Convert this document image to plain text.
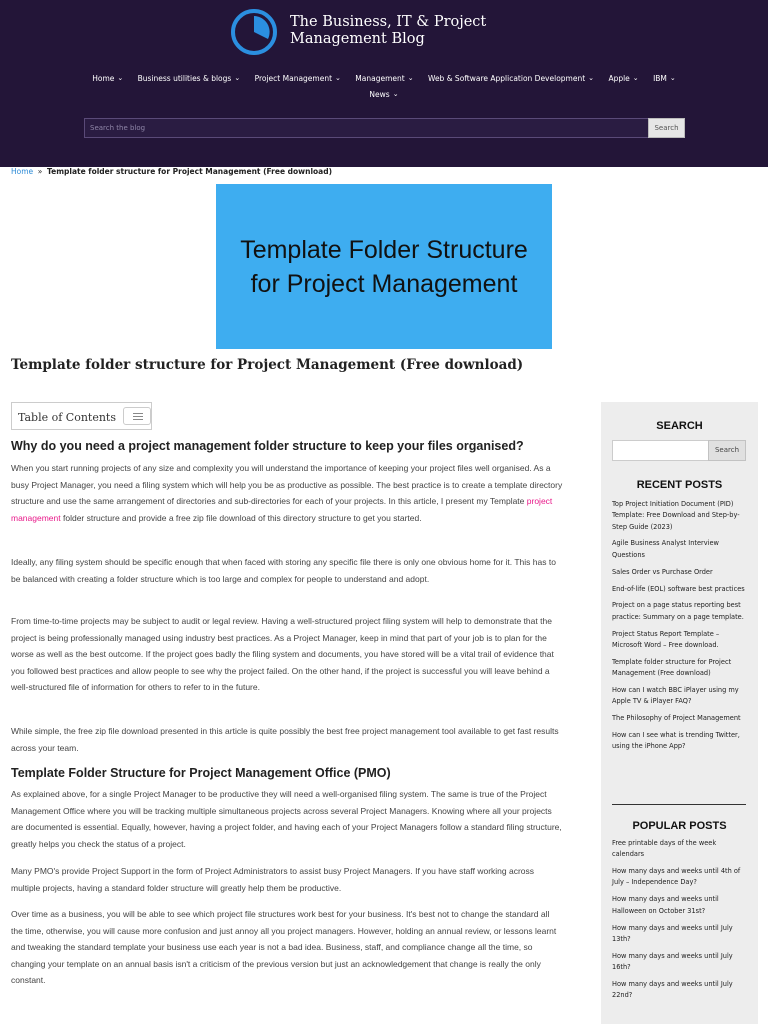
The Business, IT & Project
Management Blog
Home ⌄ Business utilities & blogs ⌄ Project Management ⌄ Management ⌄ Web & Software Application Development ⌄ Apple ⌄ IBM ⌄
News ⌄
Search the blog	Search
Home » Template folder structure for Project Management (Free download)
Template Folder Structure for Project Management
Template folder structure for Project Management (Free download)
Table of Contents
Why do you need a project management folder structure to keep your files organised?

When you start running projects of any size and complexity you will understand the importance of keeping your project files well organised. As a busy Project Manager, you need a filing system which will help you be as productive as possible. The best practice is to create a template directory structure and use the same arrangement of directories and sub-directories for each of your projects. In this article, I present my Template project management folder structure and provide a free zip file download of this directory structure to get you started.

Ideally, any filing system should be specific enough that when faced with storing any specific file there is only one obvious home for it. This has to be balanced with creating a folder structure which is too large and complex for people to understand and adopt.

From time-to-time projects may be subject to audit or legal review. Having a well-structured project filing system will help to demonstrate that the project is being professionally managed using industry best practices. As a Project Manager, keep in mind that part of your job is to plan for the worse as well as the best outcome. If the project goes badly the filing system and documents, you have stored will be a vital trail of evidence that you followed best practices and allow people to see why the project failed. On the other hand, if the project is successful you will leave behind a well-structured file of information for others to refer to in the future.

While simple, the free zip file download presented in this article is quite possibly the best free project management tool available to get fast results across your team.

Template Folder Structure for Project Management Office (PMO)

As explained above, for a single Project Manager to be productive they will need a well-organised filing system. The same is true of the Project Management Office where you will be tracking multiple simultaneous projects across several Project Managers. Knowing where all your projects are documented is essential. Equally, however, having a project folder, and having each of your Project Managers follow a standard filing structure, greatly helps you check the status of a project.

Many PMO's provide Project Support in the form of Project Administrators to assist busy Project Managers. If you have staff working across multiple projects, having a standard folder structure will greatly help them be productive.

Over time as a business, you will be able to see which project file structures work best for your business. It's best not to change the standard all the time, otherwise, you will cause more confusion and just annoy all you project managers. However, holding an annual review, or lessons learnt and tweaking the standard template your business use each year is not a bad idea. Business, staff, and compliance change all the time, so changing your template on an annual basis isn't a criticism of the previous version but just an acknowledgement that change is really the only constant.

SEARCH
Search
RECENT POSTS
Top Project Initiation Document (PID) Template: Free Download and Step-by-Step Guide (2023)
Agile Business Analyst Interview Questions
Sales Order vs Purchase Order
End-of-life (EOL) software best practices
Project on a page status reporting best practice: Summary on a page template.
Project Status Report Template – Microsoft Word – Free download.
Template folder structure for Project Management (Free download)
How can I watch BBC iPlayer using my Apple TV & iPlayer FAQ?
The Philosophy of Project Management
How can I see what is trending Twitter, using the iPhone App?
POPULAR POSTS
Free printable days of the week calendars
How many days and weeks until 4th of July – Independence Day?
How many days and weeks until Halloween on October 31st?
How many days and weeks until July 13th?
How many days and weeks until July 16th?
How many days and weeks until July 22nd?
